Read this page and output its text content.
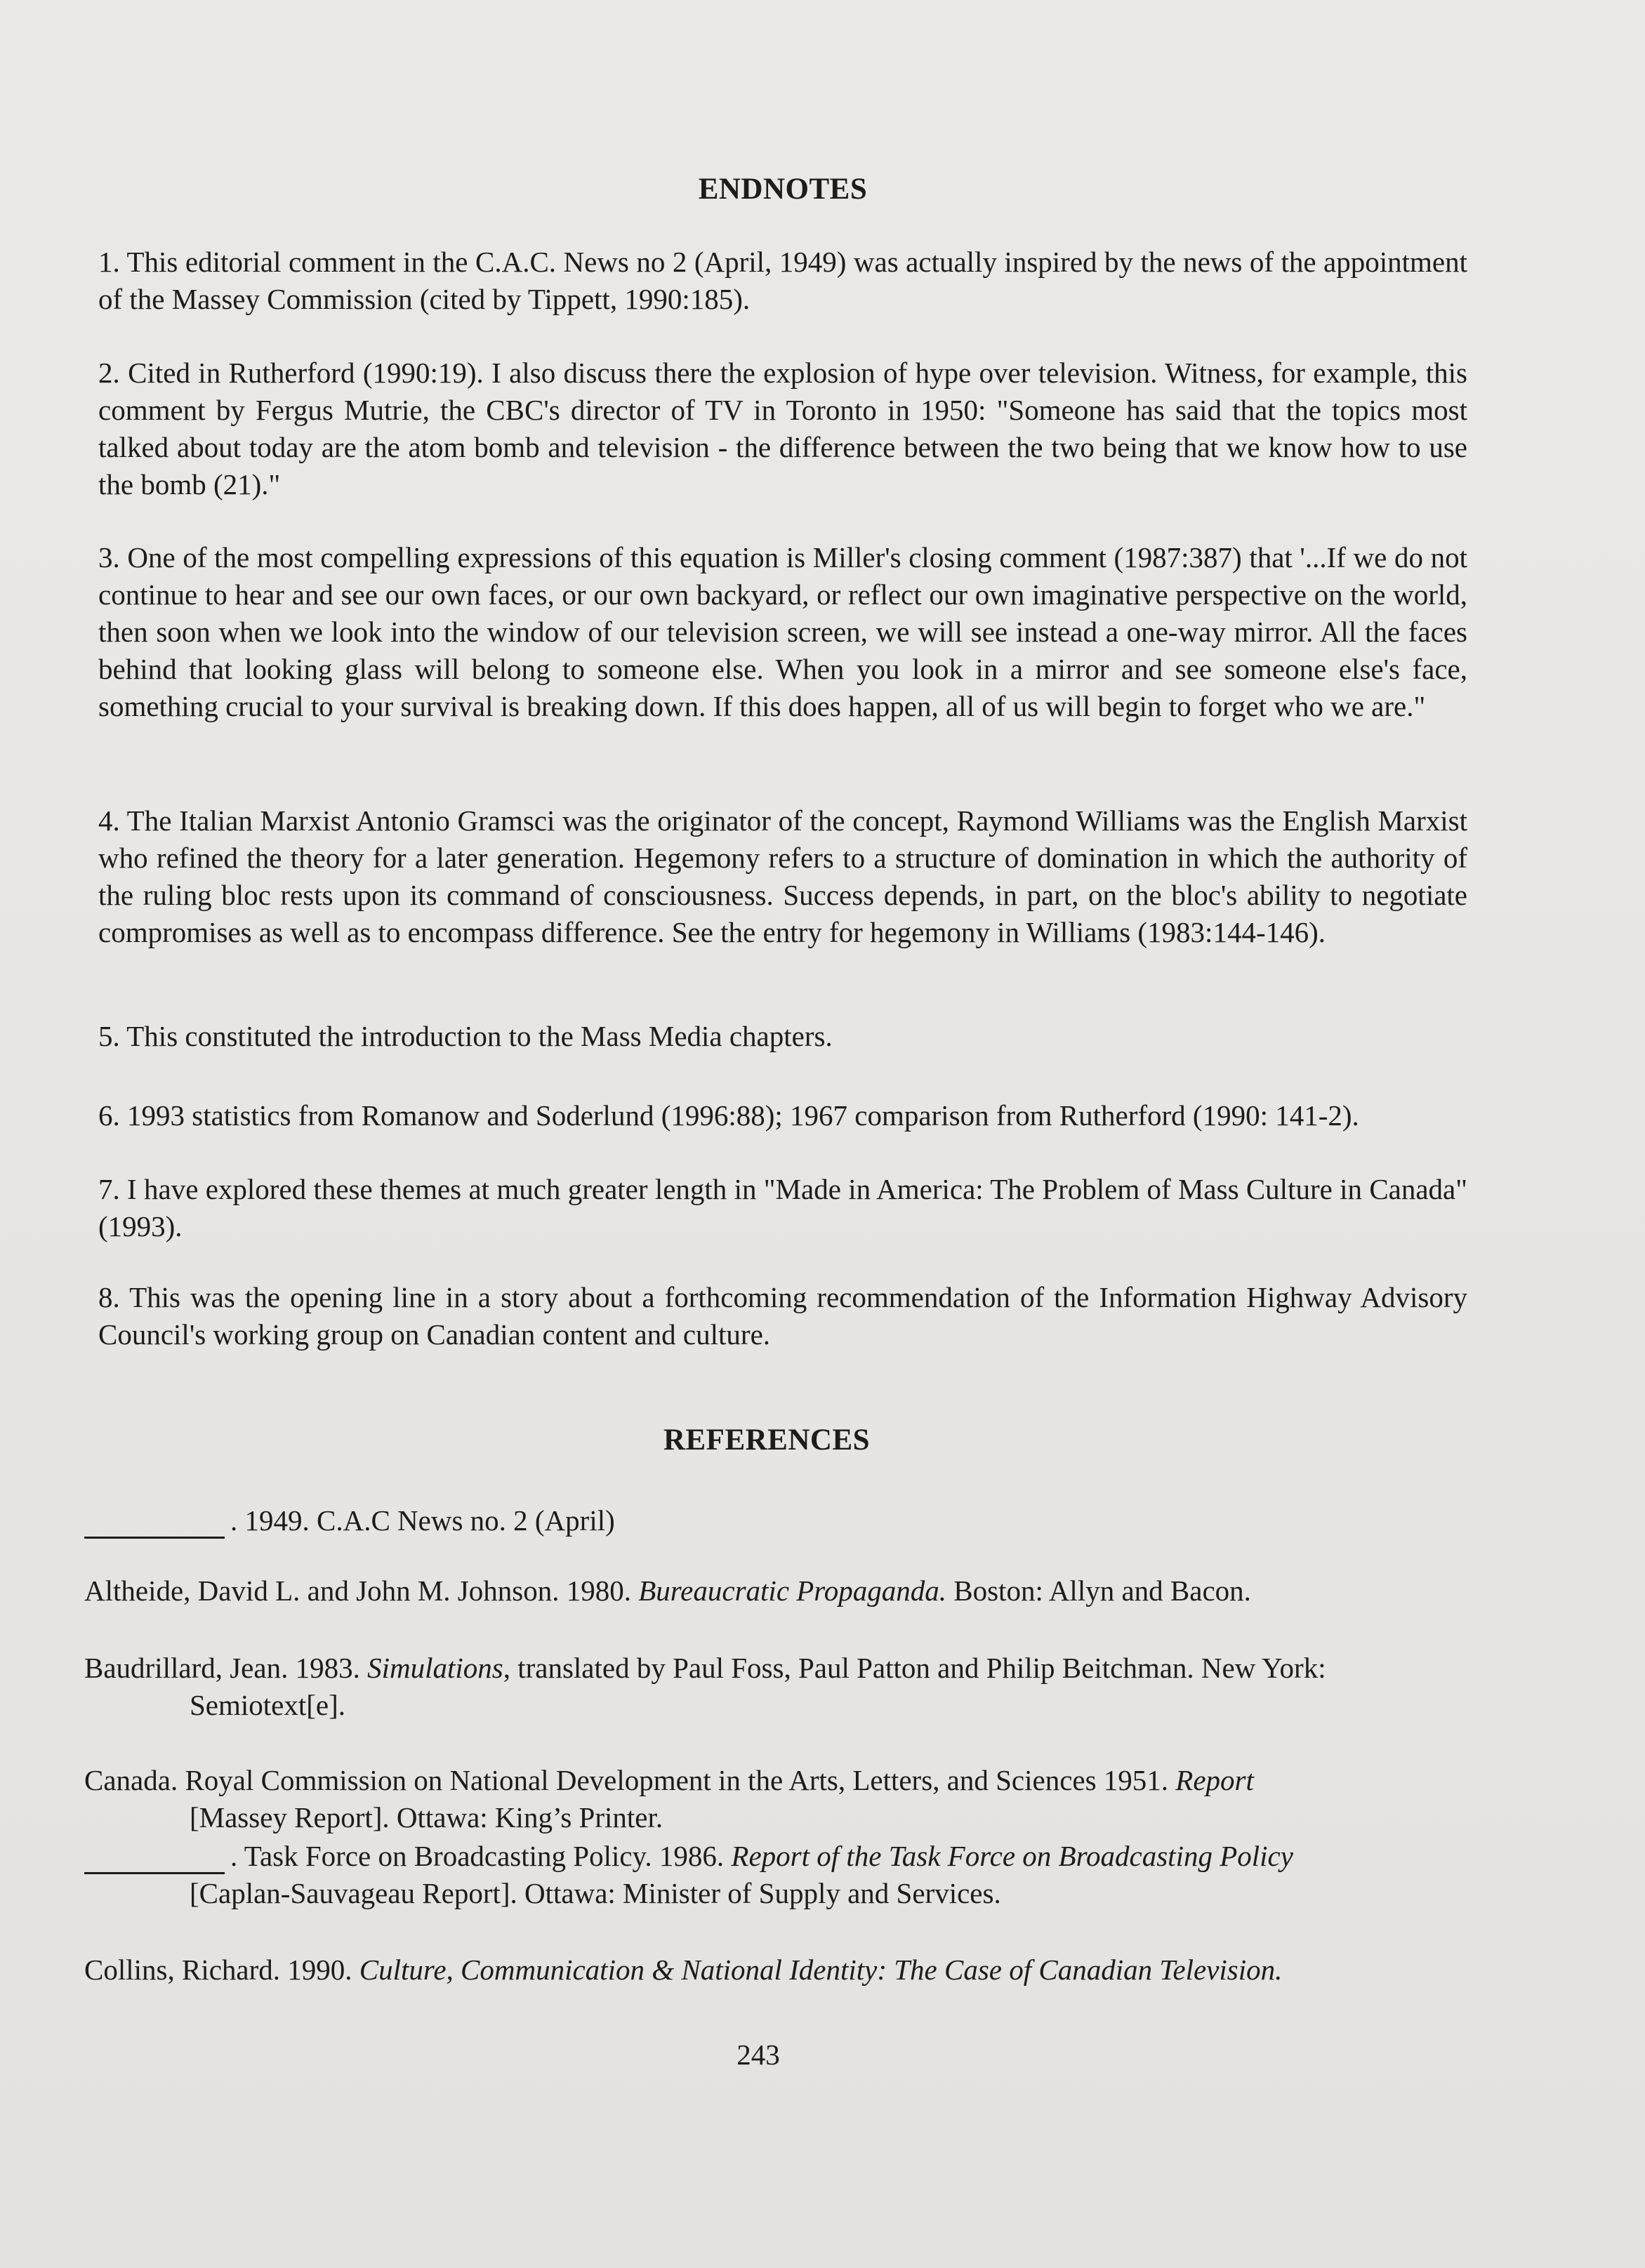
ENDNOTES

1. This editorial comment in the C.A.C. News no 2 (April, 1949) was actually inspired by the news of the appointment of the Massey Commission (cited by Tippett, 1990:185).

2. Cited in Rutherford (1990:19). I also discuss there the explosion of hype over television. Witness, for example, this comment by Fergus Mutrie, the CBC's director of TV in Toronto in 1950: "Someone has said that the topics most talked about today are the atom bomb and television - the difference between the two being that we know how to use the bomb (21)."

3. One of the most compelling expressions of this equation is Miller's closing comment (1987:387) that '...If we do not continue to hear and see our own faces, or our own backyard, or reflect our own imaginative perspective on the world, then soon when we look into the window of our television screen, we will see instead a one-way mirror. All the faces behind that looking glass will belong to someone else. When you look in a mirror and see someone else's face, something crucial to your survival is breaking down. If this does happen, all of us will begin to forget who we are."

4. The Italian Marxist Antonio Gramsci was the originator of the concept, Raymond Williams was the English Marxist who refined the theory for a later generation. Hegemony refers to a structure of domination in which the authority of the ruling bloc rests upon its command of consciousness. Success depends, in part, on the bloc's ability to negotiate compromises as well as to encompass difference. See the entry for hegemony in Williams (1983:144-146).

5. This constituted the introduction to the Mass Media chapters.

6. 1993 statistics from Romanow and Soderlund (1996:88); 1967 comparison from Rutherford (1990: 141-2).

7. I have explored these themes at much greater length in "Made in America: The Problem of Mass Culture in Canada" (1993).

8. This was the opening line in a story about a forthcoming recommendation of the Information Highway Advisory Council's working group on Canadian content and culture.

REFERENCES

. 1949. C.A.C News no. 2 (April)

Altheide, David L. and John M. Johnson. 1980. Bureaucratic Propaganda. Boston: Allyn and Bacon.

Baudrillard, Jean. 1983. Simulations, translated by Paul Foss, Paul Patton and Philip Beitchman. New York:
Semiotext[e].

Canada. Royal Commission on National Development in the Arts, Letters, and Sciences 1951. Report
[Massey Report]. Ottawa: King’s Printer.

. Task Force on Broadcasting Policy. 1986. Report of the Task Force on Broadcasting Policy
[Caplan-Sauvageau Report]. Ottawa: Minister of Supply and Services.

Collins, Richard. 1990. Culture, Communication & National Identity: The Case of Canadian Television.

243
